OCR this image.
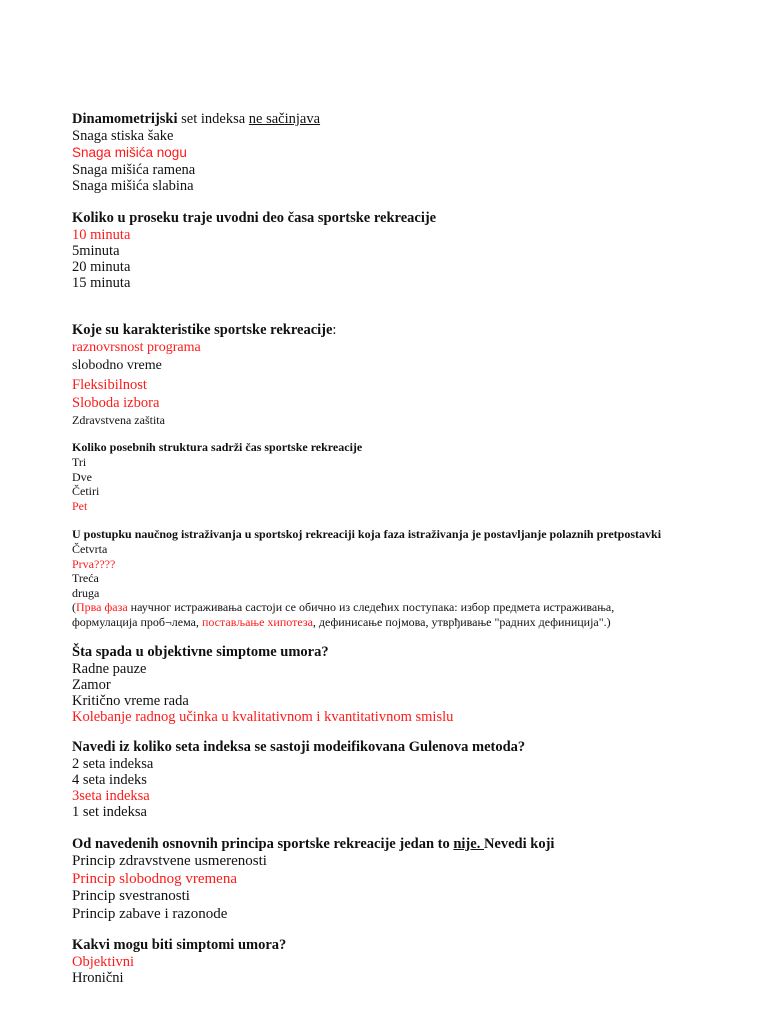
Dinamometrijski set indeksa ne sačinjava
Snaga stiska šake
Snaga mišića nogu
Snaga mišića ramena
Snaga mišića slabina
Koliko u proseku traje uvodni deo časa sportske rekreacije
10 minuta
5minuta
20 minuta
15 minuta
Koje su karakteristike sportske rekreacije:
raznovrsnost programa
slobodno vreme
Fleksibilnost
Sloboda izbora
Zdravstvena zaštita
Koliko posebnih struktura sadrži čas sportske rekreacije
Tri
Dve
Četiri
Pet
U postupku naučnog istraživanja u sportskoj rekreaciji koja faza istraživanja je postavljanje polaznih pretpostavki
Četvrta
Prva????
Treća
druga
(Прва фаза научног истраживања састоји се обично из следећих поступака: избор предмета истраживања,
формулација проб¬лема, постављање хипотеза, дефинисање појмова, утврђивање "радних дефиниција".)
Šta spada u objektivne simptome umora?
Radne pauze
Zamor
Kritično vreme rada
Kolebanje radnog učinka u kvalitativnom i kvantitativnom smislu
Navedi iz koliko seta indeksa se sastoji modeifikovana Gulenova metoda?
2 seta indeksa
4 seta indeks
3seta indeksa
1 set indeksa
Od navedenih osnovnih principa sportske rekreacije jedan to nije. Nevedi koji
Princip zdravstvene usmerenosti
Princip slobodnog vremena
Princip svestranosti
Princip zabave i razonode
Kakvi mogu biti simptomi umora?
Objektivni
Hronični
